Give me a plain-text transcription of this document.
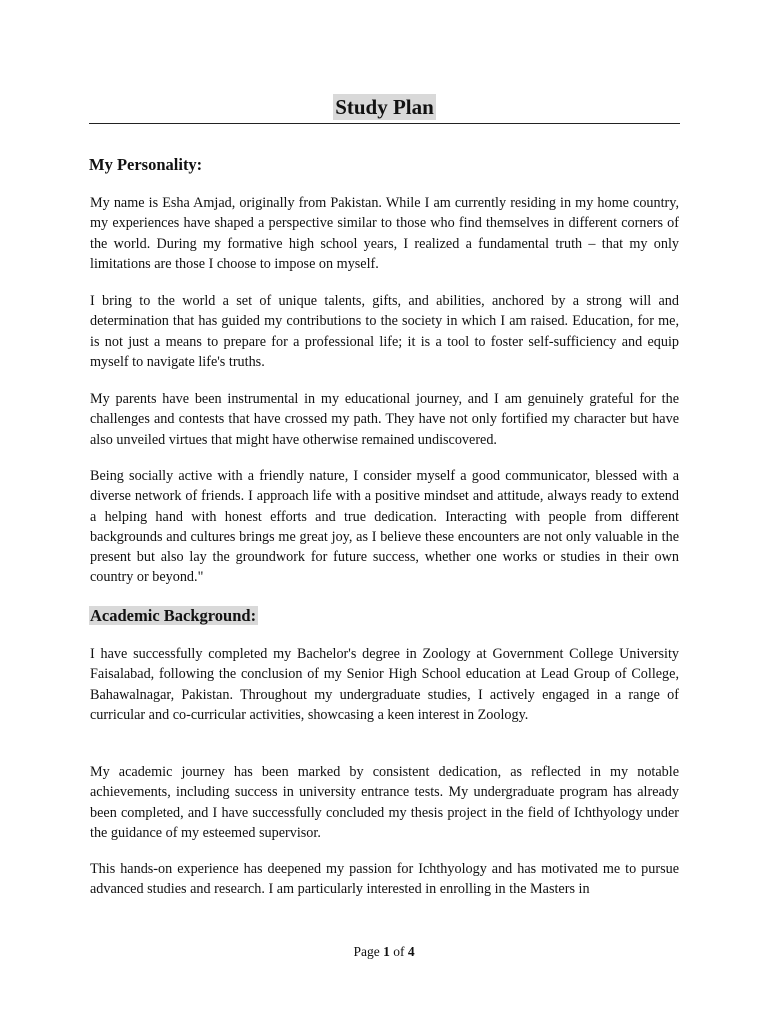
Study Plan
My Personality:

My name is Esha Amjad, originally from Pakistan. While I am currently residing in my home country, my experiences have shaped a perspective similar to those who find themselves in different corners of the world. During my formative high school years, I realized a fundamental truth – that my only limitations are those I choose to impose on myself.

I bring to the world a set of unique talents, gifts, and abilities, anchored by a strong will and determination that has guided my contributions to the society in which I am raised. Education, for me, is not just a means to prepare for a professional life; it is a tool to foster self-sufficiency and equip myself to navigate life's truths.

My parents have been instrumental in my educational journey, and I am genuinely grateful for the challenges and contests that have crossed my path. They have not only fortified my character but have also unveiled virtues that might have otherwise remained undiscovered.

Being socially active with a friendly nature, I consider myself a good communicator, blessed with a diverse network of friends. I approach life with a positive mindset and attitude, always ready to extend a helping hand with honest efforts and true dedication. Interacting with people from different backgrounds and cultures brings me great joy, as I believe these encounters are not only valuable in the present but also lay the groundwork for future success, whether one works or studies in their own country or beyond."

Academic Background:

I have successfully completed my Bachelor's degree in Zoology at Government College University Faisalabad, following the conclusion of my Senior High School education at Lead Group of College, Bahawalnagar, Pakistan. Throughout my undergraduate studies, I actively engaged in a range of curricular and co-curricular activities, showcasing a keen interest in Zoology.

My academic journey has been marked by consistent dedication, as reflected in my notable achievements, including success in university entrance tests. My undergraduate program has already been completed, and I have successfully concluded my thesis project in the field of Ichthyology under the guidance of my esteemed supervisor.

This hands-on experience has deepened my passion for Ichthyology and has motivated me to pursue advanced studies and research. I am particularly interested in enrolling in the Masters in

Page 1 of 4
